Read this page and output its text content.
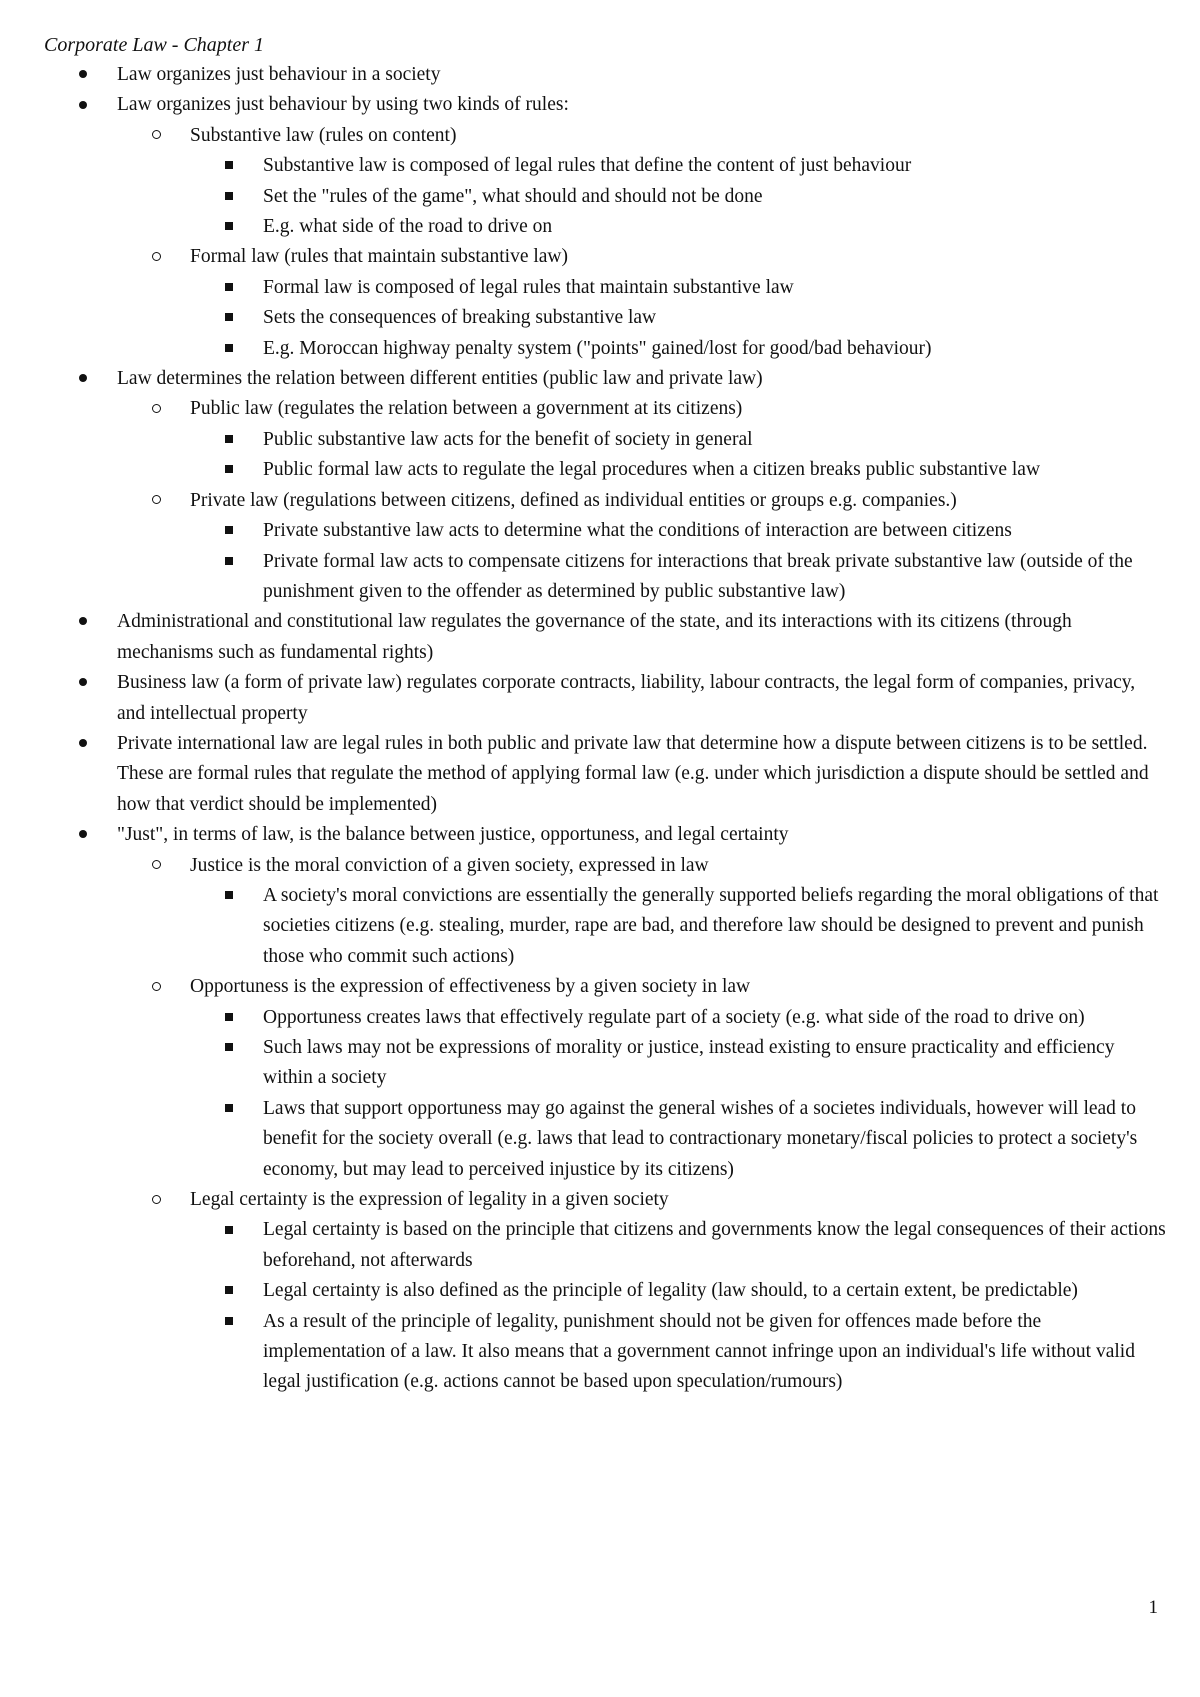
Corporate Law - Chapter 1
Law organizes just behaviour in a society
Law organizes just behaviour by using two kinds of rules:
Substantive law (rules on content)
Substantive law is composed of legal rules that define the content of just behaviour
Set the "rules of the game", what should and should not be done
E.g. what side of the road to drive on
Formal law (rules that maintain substantive law)
Formal law is composed of legal rules that maintain substantive law
Sets the consequences of breaking substantive law
E.g. Moroccan highway penalty system ("points" gained/lost for good/bad behaviour)
Law determines the relation between different entities (public law and private law)
Public law (regulates the relation between a government at its citizens)
Public substantive law acts for the benefit of society in general
Public formal law acts to regulate the legal procedures when a citizen breaks public substantive law
Private law (regulations between citizens, defined as individual entities or groups e.g. companies.)
Private substantive law acts to determine what the conditions of interaction are between citizens
Private formal law acts to compensate citizens for interactions that break private substantive law (outside of the punishment given to the offender as determined by public substantive law)
Administrational and constitutional law regulates the governance of the state, and its interactions with its citizens (through mechanisms such as fundamental rights)
Business law (a form of private law) regulates corporate contracts, liability, labour contracts, the legal form of companies, privacy, and intellectual property
Private international law are legal rules in both public and private law that determine how a dispute between citizens is to be settled. These are formal rules that regulate the method of applying formal law (e.g. under which jurisdiction a dispute should be settled and how that verdict should be implemented)
"Just", in terms of law, is the balance between justice, opportuness, and legal certainty
Justice is the moral conviction of a given society, expressed in law
A society's moral convictions are essentially the generally supported beliefs regarding the moral obligations of that societies citizens (e.g. stealing, murder, rape are bad, and therefore law should be designed to prevent and punish those who commit such actions)
Opportuness is the expression of effectiveness by a given society in law
Opportuness creates laws that effectively regulate part of a society (e.g. what side of the road to drive on)
Such laws may not be expressions of morality or justice, instead existing to ensure practicality and efficiency within a society
Laws that support opportuness may go against the general wishes of a societes individuals, however will lead to benefit for the society overall (e.g. laws that lead to contractionary monetary/fiscal policies to protect a society's economy, but may lead to perceived injustice by its citizens)
Legal certainty is the expression of legality in a given society
Legal certainty is based on the principle that citizens and governments know the legal consequences of their actions beforehand, not afterwards
Legal certainty is also defined as the principle of legality (law should, to a certain extent, be predictable)
As a result of the principle of legality, punishment should not be given for offences made before the implementation of a law. It also means that a government cannot infringe upon an individual's life without valid legal justification (e.g. actions cannot be based upon speculation/rumours)
1
